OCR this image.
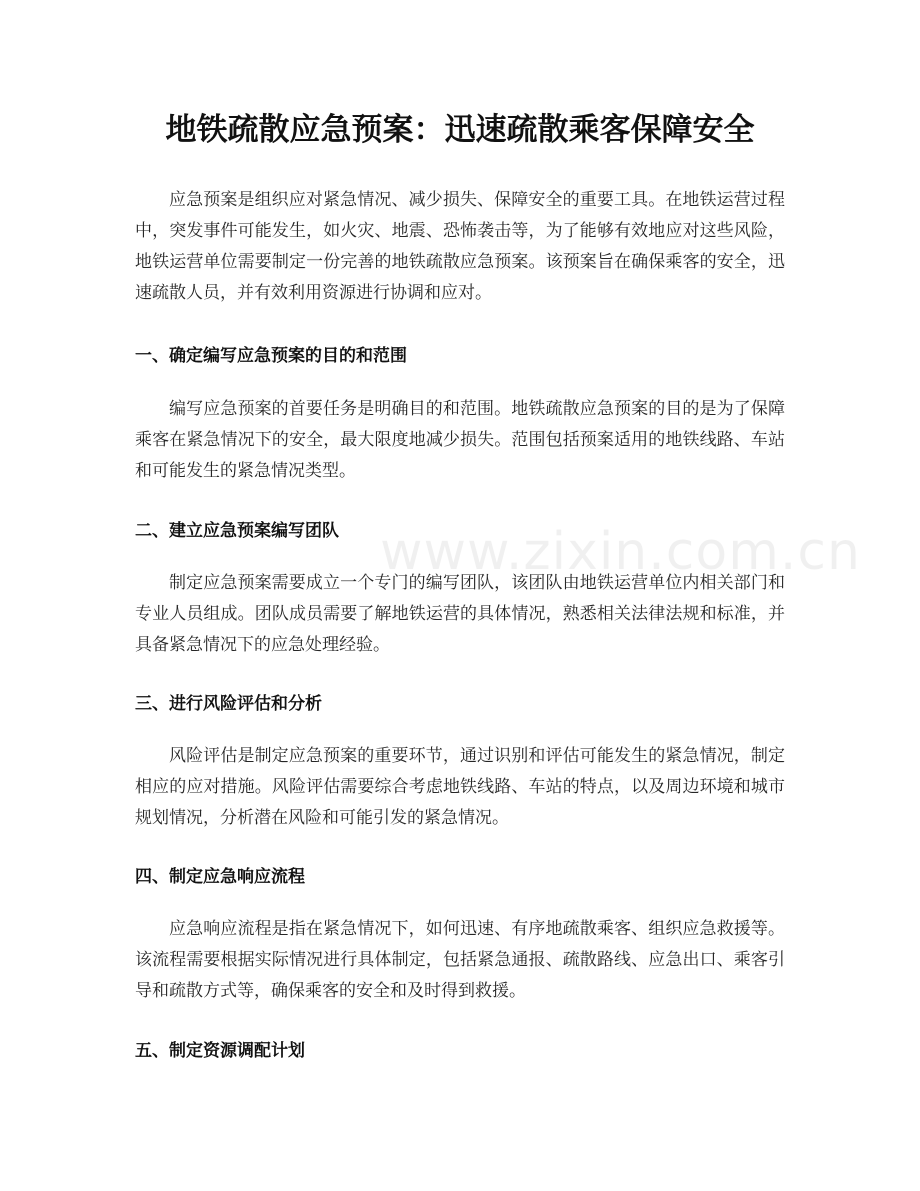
地铁疏散应急预案：迅速疏散乘客保障安全

应急预案是组织应对紧急情况、减少损失、保障安全的重要工具。在地铁运营过程中，突发事件可能发生，如火灾、地震、恐怖袭击等，为了能够有效地应对这些风险，地铁运营单位需要制定一份完善的地铁疏散应急预案。该预案旨在确保乘客的安全，迅速疏散人员，并有效利用资源进行协调和应对。

一、确定编写应急预案的目的和范围

编写应急预案的首要任务是明确目的和范围。地铁疏散应急预案的目的是为了保障乘客在紧急情况下的安全，最大限度地减少损失。范围包括预案适用的地铁线路、车站和可能发生的紧急情况类型。

二、建立应急预案编写团队

制定应急预案需要成立一个专门的编写团队，该团队由地铁运营单位内相关部门和专业人员组成。团队成员需要了解地铁运营的具体情况，熟悉相关法律法规和标准，并具备紧急情况下的应急处理经验。

三、进行风险评估和分析

风险评估是制定应急预案的重要环节，通过识别和评估可能发生的紧急情况，制定相应的应对措施。风险评估需要综合考虑地铁线路、车站的特点，以及周边环境和城市规划情况，分析潜在风险和可能引发的紧急情况。

四、制定应急响应流程

应急响应流程是指在紧急情况下，如何迅速、有序地疏散乘客、组织应急救援等。该流程需要根据实际情况进行具体制定，包括紧急通报、疏散路线、应急出口、乘客引导和疏散方式等，确保乘客的安全和及时得到救援。

五、制定资源调配计划
www.zixin.com.cn
